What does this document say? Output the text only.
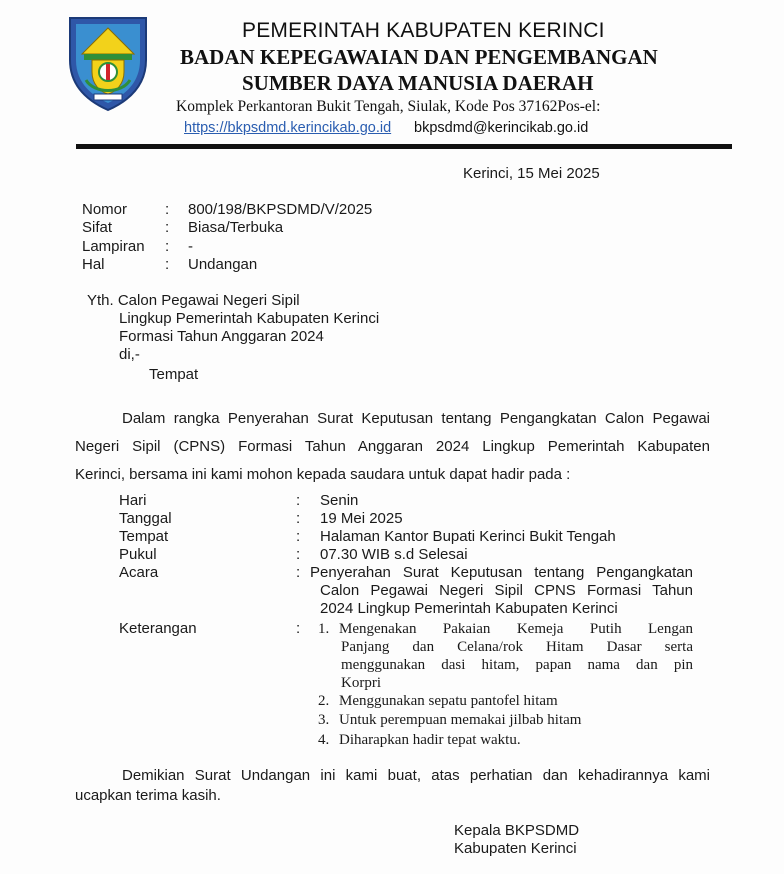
PEMERINTAH KABUPATEN KERINCI
BADAN KEPEGAWAIAN DAN PENGEMBANGAN
SUMBER DAYA MANUSIA DAERAH
Komplek Perkantoran Bukit Tengah, Siulak, Kode Pos 37162Pos-el:
https://bkpsdmd.kerincikab.go.id bkpsdmd@kerincikab.go.id
Kerinci, 15 Mei 2025
Nomor	: 800/198/BKPSDMD/V/2025
Sifat	: Biasa/Terbuka
Lampiran : -
Hal	: Undangan
Yth. Calon Pegawai Negeri Sipil
Lingkup Pemerintah Kabupaten Kerinci
Formasi Tahun Anggaran 2024
di,-
Tempat
Dalam rangka Penyerahan Surat Keputusan tentang Pengangkatan Calon Pegawai
Negeri Sipil (CPNS) Formasi Tahun Anggaran 2024 Lingkup Pemerintah Kabupaten
Kerinci, bersama ini kami mohon kepada saudara untuk dapat hadir pada :
Hari	: Senin
Tanggal	: 19 Mei 2025
Tempat	: Halaman Kantor Bupati Kerinci Bukit Tengah
Pukul	: 07.30 WIB s.d Selesai
Acara	: Penyerahan Surat Keputusan tentang Pengangkatan
Calon Pegawai Negeri Sipil CPNS Formasi Tahun
2024 Lingkup Pemerintah Kabupaten Kerinci
Keterangan	: 1. Mengenakan Pakaian Kemeja Putih Lengan
Panjang dan Celana/rok Hitam Dasar serta
menggunakan dasi hitam, papan nama dan pin
Korpri
2. Menggunakan sepatu pantofel hitam
3. Untuk perempuan memakai jilbab hitam
4. Diharapkan hadir tepat waktu.
Demikian Surat Undangan ini kami buat, atas perhatian dan kehadirannya kami
ucapkan terima kasih.
Kepala BKPSDMD
Kabupaten Kerinci
